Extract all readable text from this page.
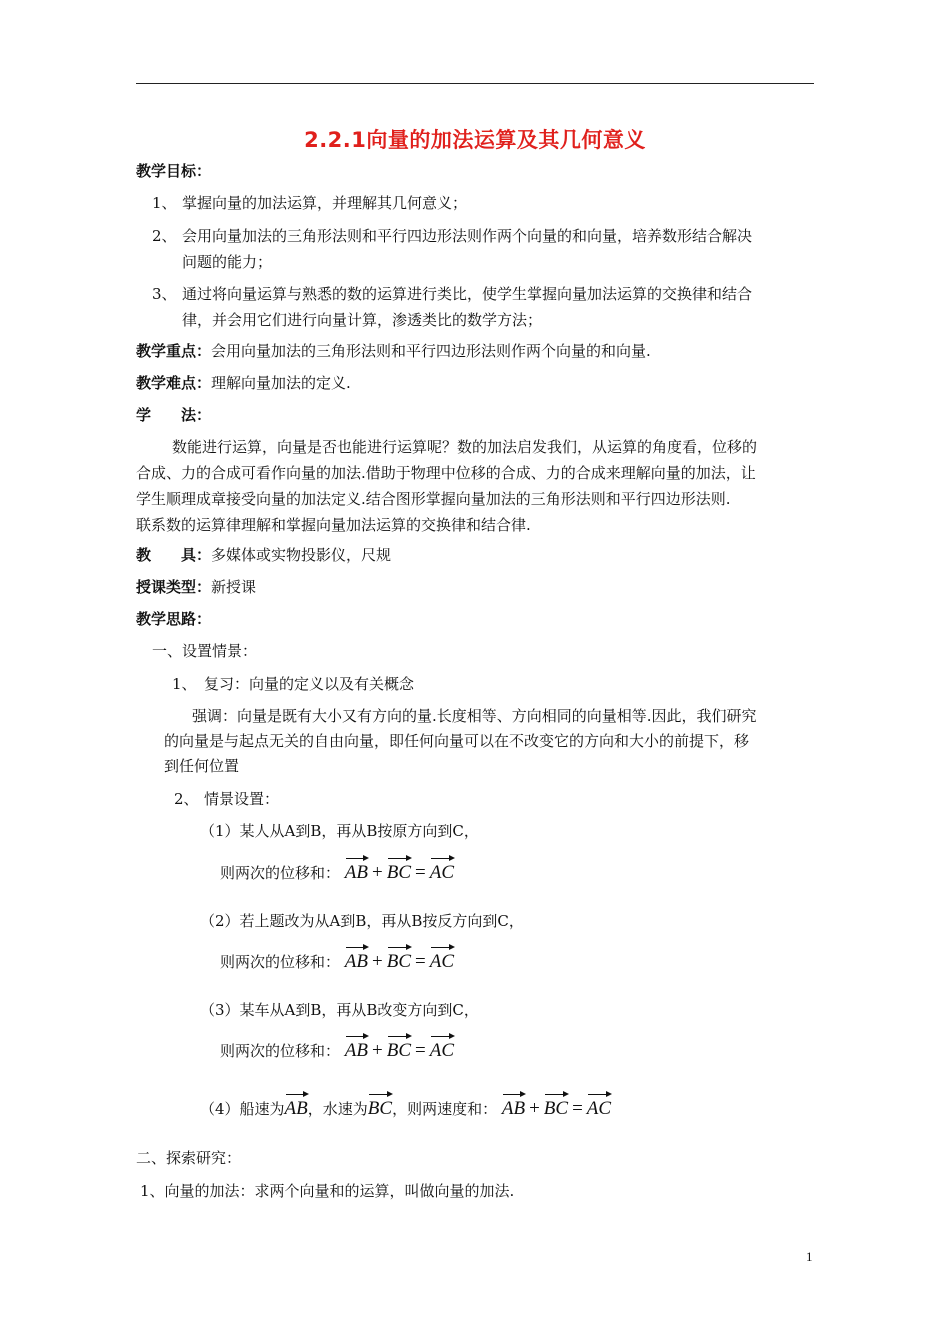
2.2.1向量的加法运算及其几何意义
教学目标：
1、 掌握向量的加法运算，并理解其几何意义；
2、 会用向量加法的三角形法则和平行四边形法则作两个向量的和向量，培养数形结合解决
问题的能力；
3、 通过将向量运算与熟悉的数的运算进行类比，使学生掌握向量加法运算的交换律和结合
律，并会用它们进行向量计算，渗透类比的数学方法；
教学重点：会用向量加法的三角形法则和平行四边形法则作两个向量的和向量.
教学难点：理解向量加法的定义.
学　　法：
数能进行运算，向量是否也能进行运算呢？数的加法启发我们，从运算的角度看，位移的
合成、力的合成可看作向量的加法.借助于物理中位移的合成、力的合成来理解向量的加法，让
学生顺理成章接受向量的加法定义.结合图形掌握向量加法的三角形法则和平行四边形法则.
联系数的运算律理解和掌握向量加法运算的交换律和结合律.
教　　具：多媒体或实物投影仪，尺规
授课类型：新授课
教学思路：
一、设置情景：
1、 复习：向量的定义以及有关概念
强调：向量是既有大小又有方向的量.长度相等、方向相同的向量相等.因此，我们研究
的向量是与起点无关的自由向量，即任何向量可以在不改变它的方向和大小的前提下，移
到任何位置
2、 情景设置：
（1）某人从A到B，再从B按原方向到C，
则两次的位移和： AB + BC = AC
（2）若上题改为从A到B，再从B按反方向到C，
则两次的位移和： AB + BC = AC
（3）某车从A到B，再从B改变方向到C，
则两次的位移和： AB + BC = AC
（4）船速为AB，水速为BC，则两速度和： AB + BC = AC
二、探索研究：
1、向量的加法：求两个向量和的运算，叫做向量的加法.
1
